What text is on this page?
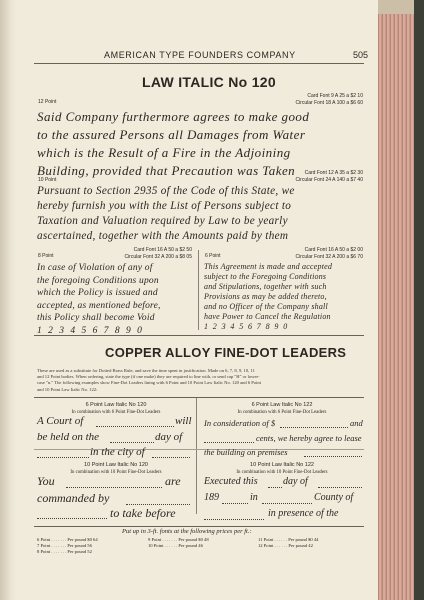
AMERICAN TYPE FOUNDERS COMPANY	505
LAW ITALIC No 120
12 Point
Card Font 9 A 25 a $2 10
Circular Font 18 A 100 a $6 60
Said Company furthermore agrees to make good
to the assured Persons all Damages from Water
which is the Result of a Fire in the Adjoining
Building, provided that Precaution was Taken
10 Point
Card Font 12 A 35 a $2 30
Circular Font 24 A 140 a $7 40
Pursuant to Section 2935 of the Code of this State, we
hereby furnish you with the List of Persons subject to
Taxation and Valuation required by Law to be yearly
ascertained, together with the Amounts paid by them
8 Point
Card Font 16 A 50 a $2 50
Circular Font 32 A 200 a $8 05
In case of Violation of any of
the foregoing Conditions upon
which the Policy is issued and
accepted, as mentioned before,
this Policy shall become Void
1 2 3 4 5 6 7 8 9 0
6 Point
Card Font 16 A 50 a $2 00
Circular Font 32 A 200 a $6 70
This Agreement is made and accepted
subject to the Foregoing Conditions
and Stipulations, together with such
Provisions as may be added thereto,
and no Officer of the Company shall
have Power to Cancel the Regulation
1 2 3 4 5 6 7 8 9 0
COPPER ALLOY FINE-DOT LEADERS
These are used as a substitute for Dotted Brass Rule, and save the time spent in justification. Made on 6, 7, 8, 9, 10, 11
and 12 Point bodies. When ordering, state the type (if one make) they are required to line with, or send cap "H" or lower-
case "n." The following examples show Fine-Dot Leaders lining with 6 Point and 10 Point Law Italic No. 120 and 6 Point
and 10 Point Law Italic No. 122:
6 Point Law Italic No 120
In combination with 6 Point Fine-Dot Leaders
A Court of	will
be held on the	day of
in the city of
6 Point Law Italic No 122
In combination with 6 Point Fine-Dot Leaders
In consideration of $	and
cents, we hereby agree to lease
the building on premises
10 Point Law Italic No 120
In combination with 10 Point Fine-Dot Leaders
You	are
commanded by
to take before
10 Point Law Italic No 122
In combination with 10 Point Fine-Dot Leaders
Executed this	day of
189	in	County of
in presence of the
Put up in 3-ft. fonts at the following prices per ft.:
6 Point . . . . . . . Per pound $0 64
7 Point . . . . . . . Per pound 56
8 Point . . . . . . . Per pound 52
9 Point . . . . . . . Per pound $0 48
10 Point . . . . . . Per pound 46
11 Point . . . . . . Per pound $0 44
12 Point . . . . . . Per pound 42
